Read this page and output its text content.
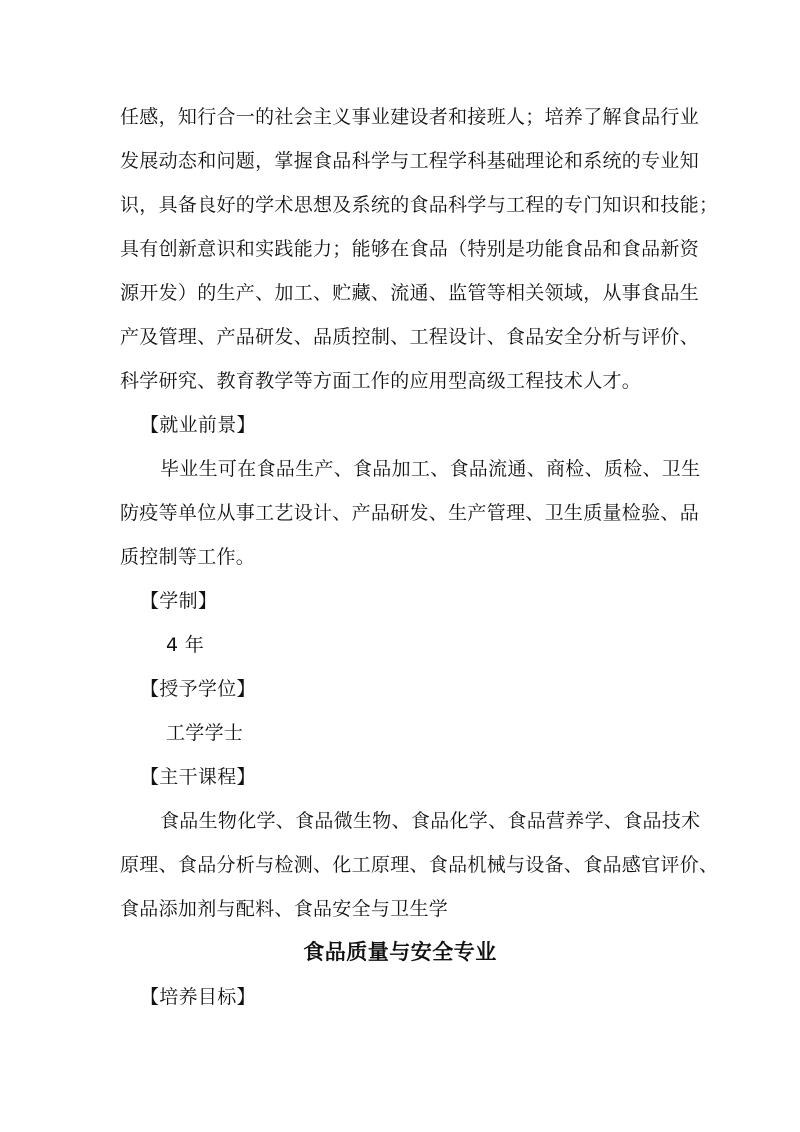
任感，知行合一的社会主义事业建设者和接班人；培养了解食品行业
发展动态和问题，掌握食品科学与工程学科基础理论和系统的专业知
识，具备良好的学术思想及系统的食品科学与工程的专门知识和技能；
具有创新意识和实践能力；能够在食品（特别是功能食品和食品新资
源开发）的生产、加工、贮藏、流通、监管等相关领域，从事食品生
产及管理、产品研发、品质控制、工程设计、食品安全分析与评价、
科学研究、教育教学等方面工作的应用型高级工程技术人才。
【就业前景】
毕业生可在食品生产、食品加工、食品流通、商检、质检、卫生
防疫等单位从事工艺设计、产品研发、生产管理、卫生质量检验、品
质控制等工作。
【学制】
4 年
【授予学位】
工学学士
【主干课程】
食品生物化学、食品微生物、食品化学、食品营养学、食品技术
原理、食品分析与检测、化工原理、食品机械与设备、食品感官评价、
食品添加剂与配料、食品安全与卫生学
食品质量与安全专业
【培养目标】
